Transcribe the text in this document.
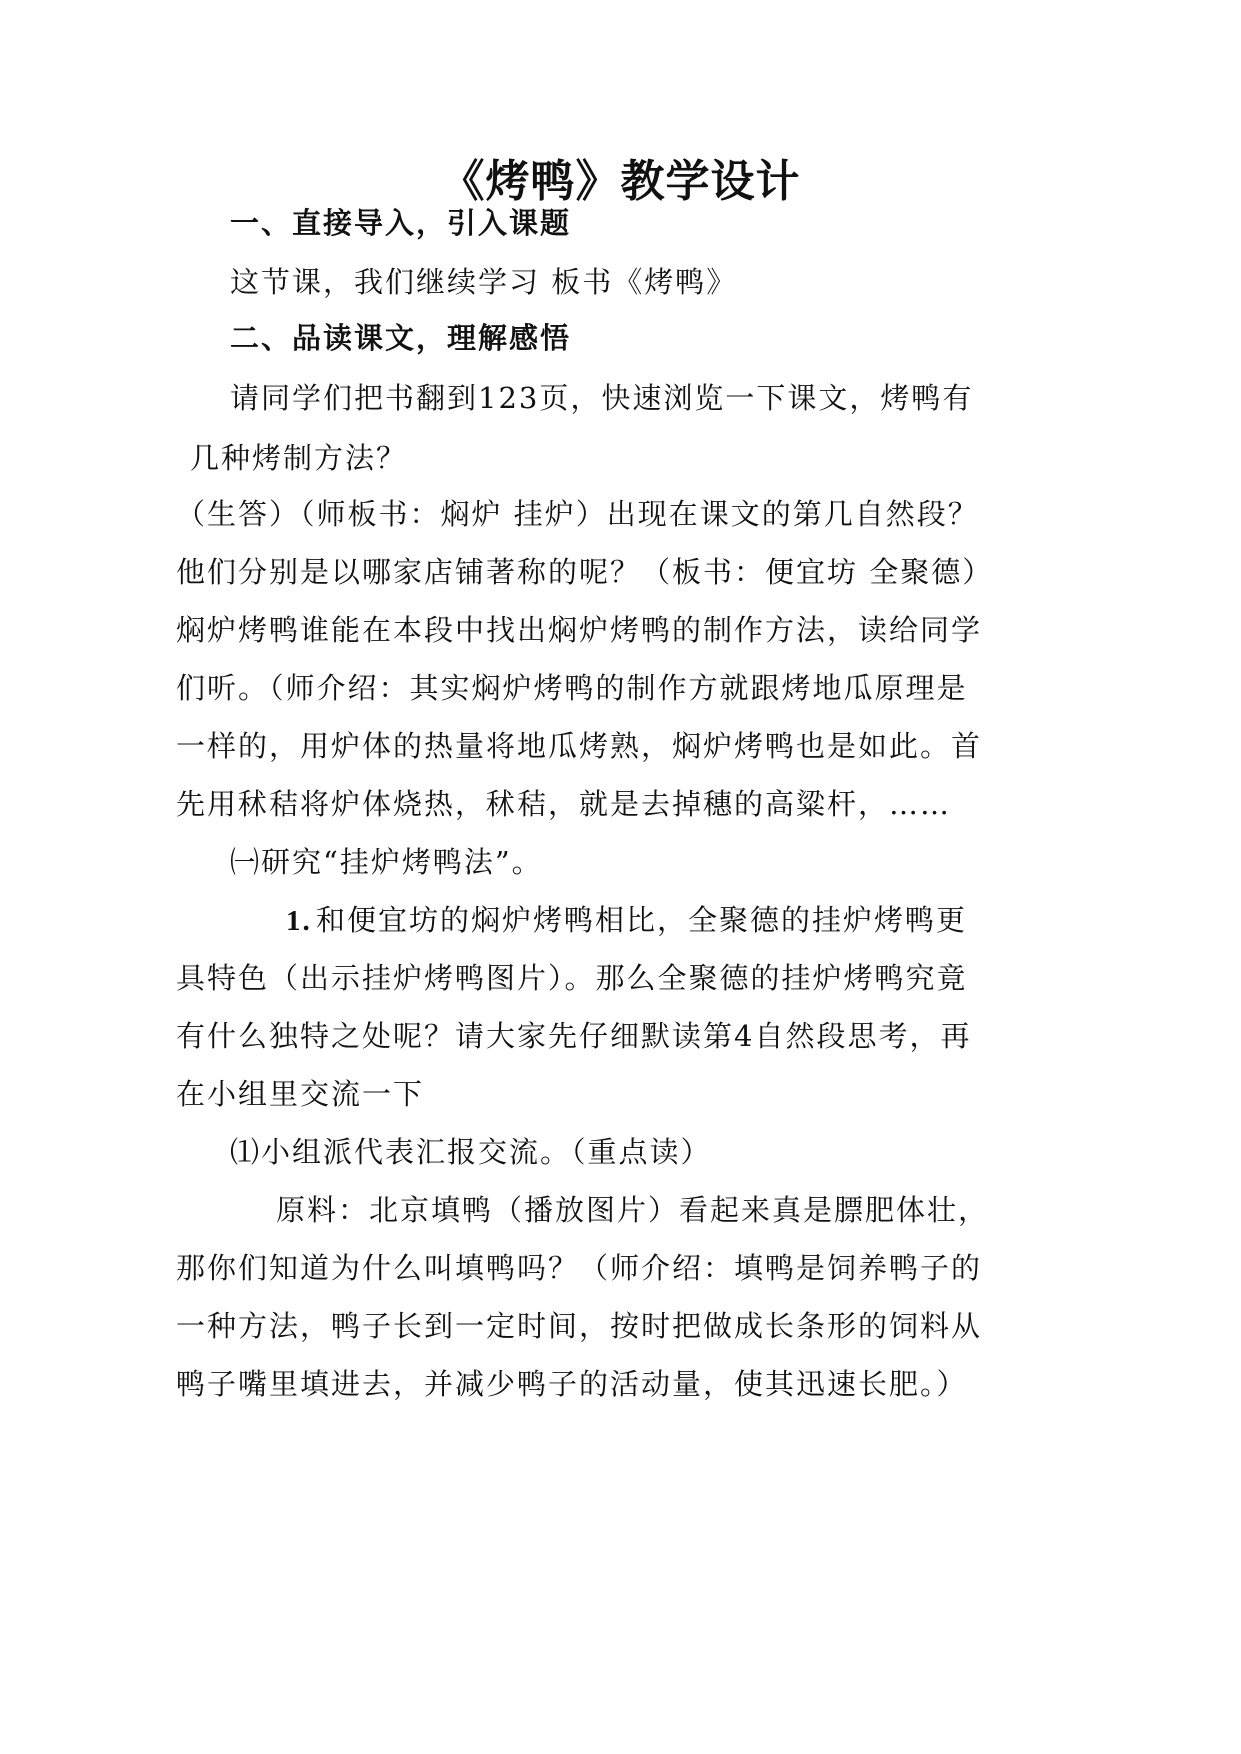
《烤鸭》教学设计
一、直接导入，引入课题
这节课，我们继续学习 板书《烤鸭》
二、品读课文，理解感悟
请同学们把书翻到123页，快速浏览一下课文，烤鸭有
几种烤制方法？
（生答）（师板书：焖炉 挂炉）出现在课文的第几自然段？
他们分别是以哪家店铺著称的呢？（板书：便宜坊 全聚德）
焖炉烤鸭谁能在本段中找出焖炉烤鸭的制作方法，读给同学
们听。（师介绍：其实焖炉烤鸭的制作方就跟烤地瓜原理是
一样的，用炉体的热量将地瓜烤熟，焖炉烤鸭也是如此。首
先用秫秸将炉体烧热，秫秸，就是去掉穗的高粱杆，……
㈠研究“挂炉烤鸭法”。
1. 和便宜坊的焖炉烤鸭相比，全聚德的挂炉烤鸭更
具特色（出示挂炉烤鸭图片）。那么全聚德的挂炉烤鸭究竟
有什么独特之处呢？请大家先仔细默读第4自然段思考，再
在小组里交流一下
⑴小组派代表汇报交流。（重点读）
原料：北京填鸭（播放图片）看起来真是膘肥体壮，
那你们知道为什么叫填鸭吗？（师介绍：填鸭是饲养鸭子的
一种方法，鸭子长到一定时间，按时把做成长条形的饲料从
鸭子嘴里填进去，并减少鸭子的活动量，使其迅速长肥。）
